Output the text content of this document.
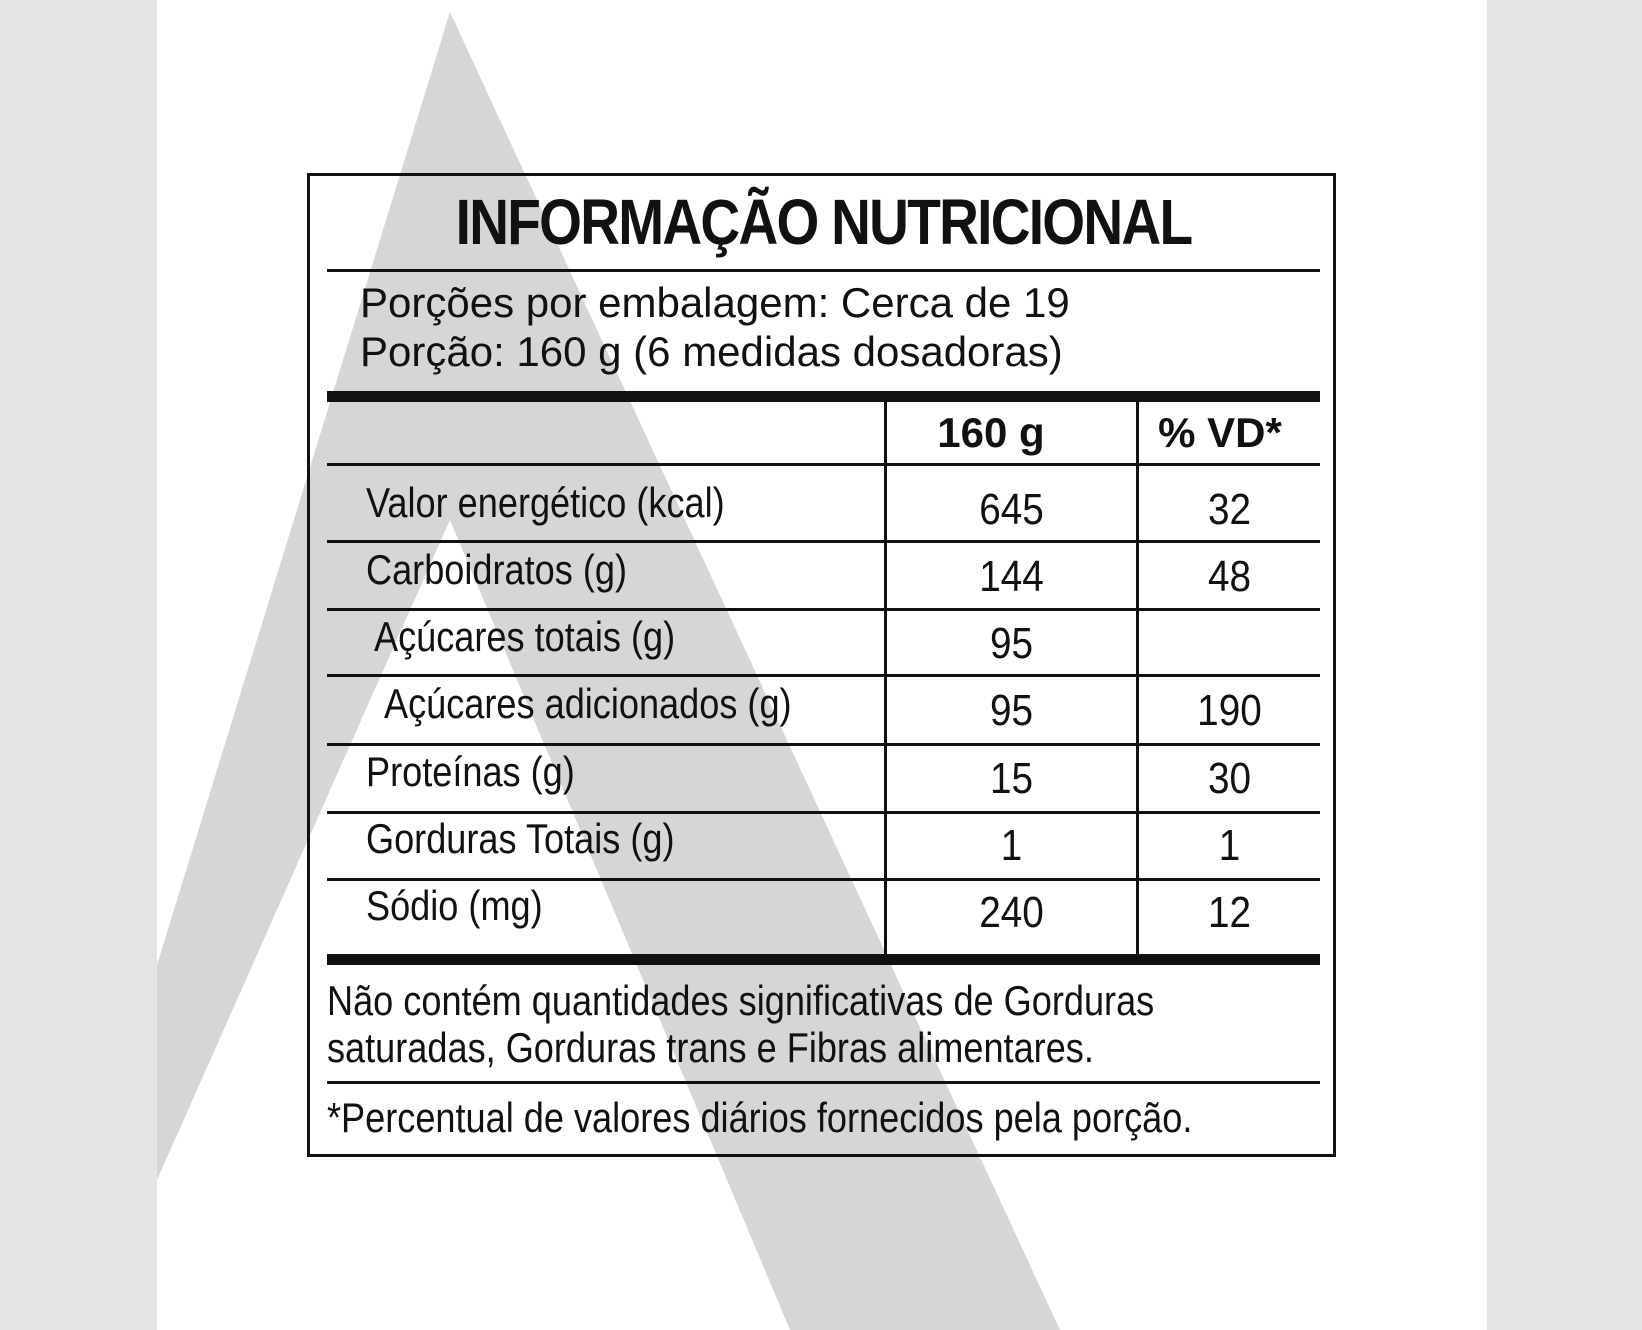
INFORMAÇÃO NUTRICIONAL
Porções por embalagem: Cerca de 19
Porção: 160 g (6 medidas dosadoras)
160 g	% VD*
Valor energético (kcal)	645	32
Carboidratos (g)	144	48
Açúcares totais (g)	95
Açúcares adicionados (g)	95	190
Proteínas (g)	15	30
Gorduras Totais (g)	1	1
Sódio (mg)	240	12
Não contém quantidades significativas de Gorduras
saturadas, Gorduras trans e Fibras alimentares.
*Percentual de valores diários fornecidos pela porção.
